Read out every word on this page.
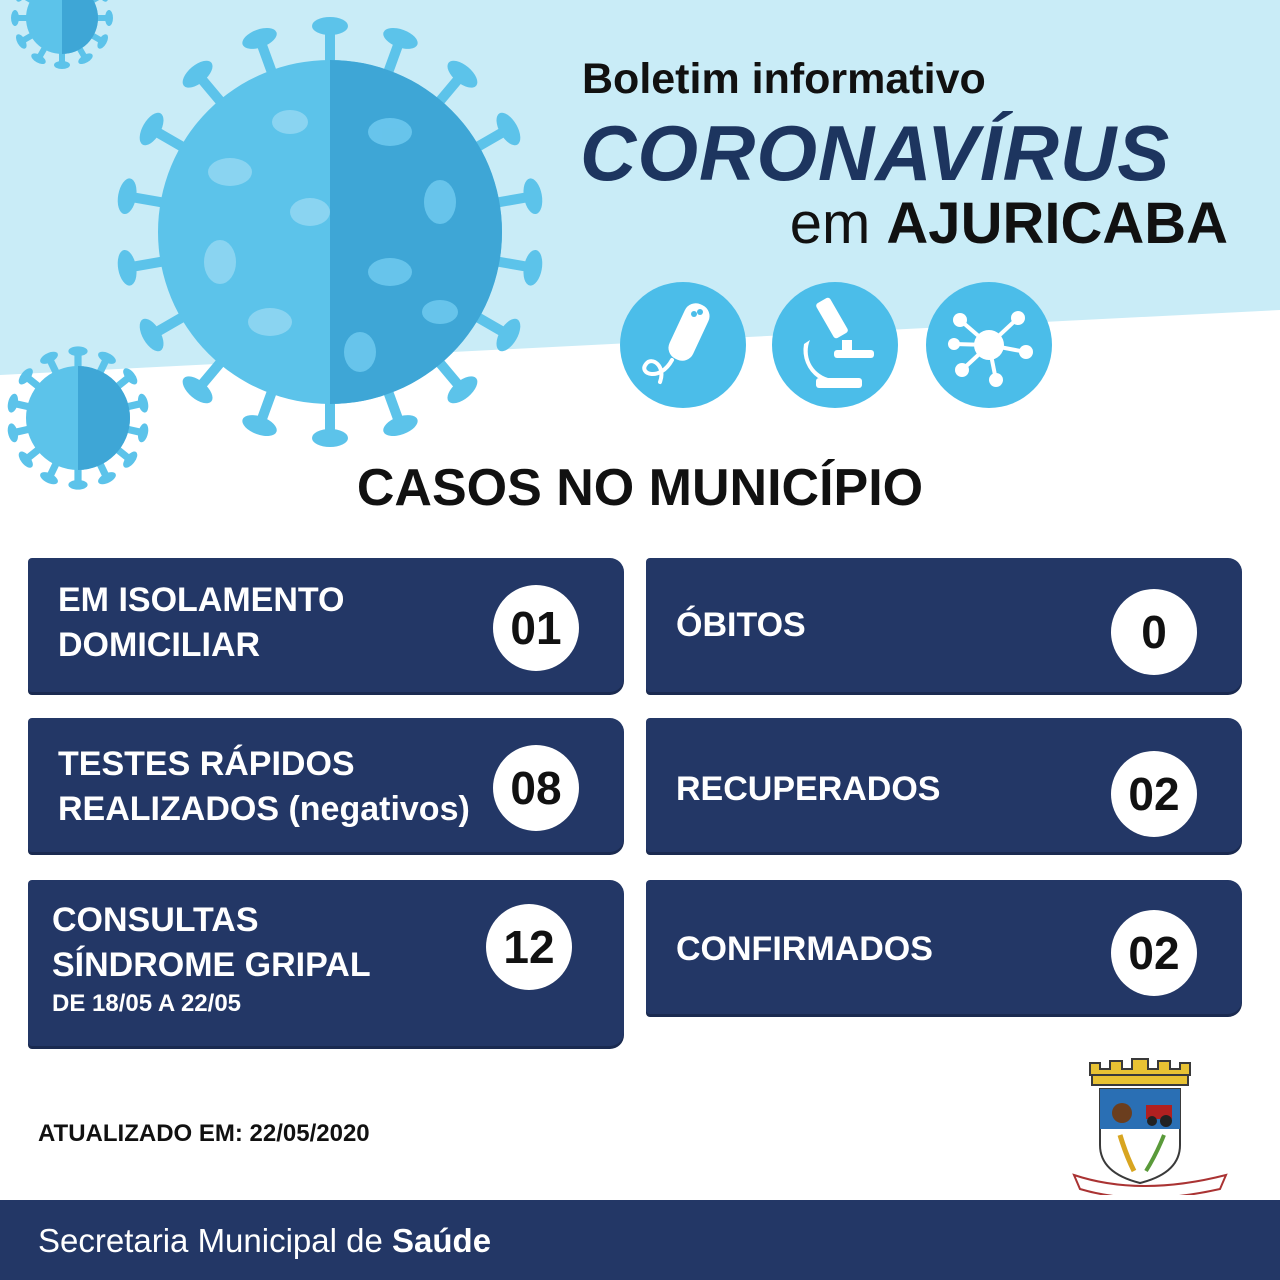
Boletim informativo
CORONAVÍRUS
em AJURICABA
CASOS NO MUNICÍPIO
EM ISOLAMENTO
DOMICILIAR	01
TESTES RÁPIDOS
REALIZADOS (negativos) 08
CONSULTAS
SÍNDROME GRIPAL
DE 18/05 A 22/05
12
ÓBITOS	0
RECUPERADOS	02
CONFIRMADOS	02
ATUALIZADO EM: 22/05/2020
Secretaria Municipal de Saúde
